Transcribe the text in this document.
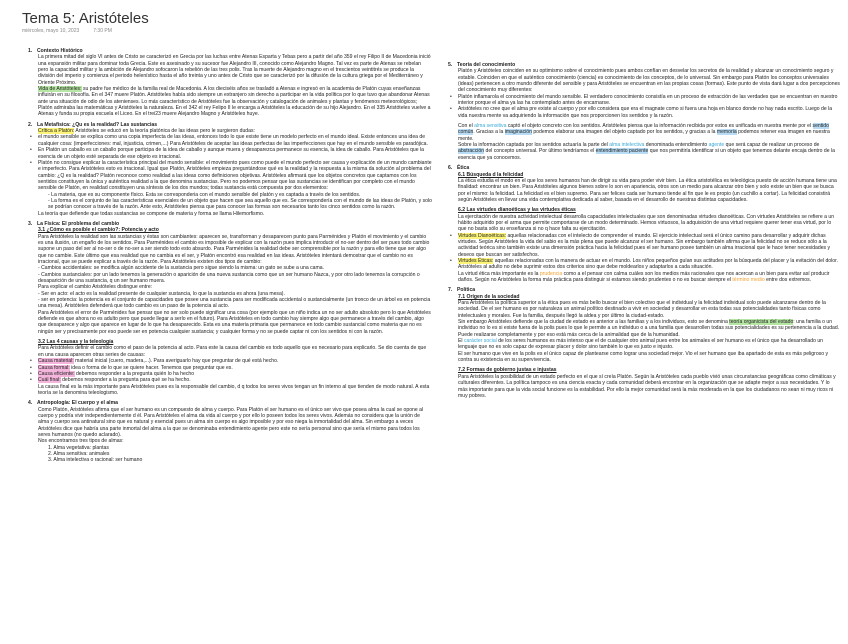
Tema 5: Aristóteles
miércoles, mayo 10, 2023	7:30 PM
1. Contexto Histórico
La primera mitad del siglo VI antes de Cristo se caracterizó en Grecia por las luchas entre Atenas Esparta y Tebas pero a partir del año 359 el rey Filipo II de Macedonia inició una expansión militar para dominar toda Grecia. Este es asesinado y su sucesor fue Alejandro III, conocido como Alejandro Magno. Tal vez es parte de Atenas se rebelan pero la capacidad militar y la ambición de Alejandro sofocaron la rebelión de las tres polis. Tras la muerte de Alejandro magno en el trescientos veintitrés se produce la división del imperio y comienza el periodo helenístico hasta el año treinta y uno antes de Cristo que se caracterizó por la difusión de la cultura griega por el Mediterráneo y Oriente Próximo.
Vida de Aristóteles: su padre fue médico de la familia real de Macedonia. A los dieciséis años se trasladó a Atenas e ingresó en la academia de Platón cuyas enseñanzas influirán en su filosofía. En el 347 muere Platón. Aristóteles había sido siempre un extranjero sin derecho a participar en la vida política por lo que tuvo que abandonar Atenas ante una situación de odio de los atenienses. Lo más característico de Aristóteles fue la observación y catalogación de animales y plantas y fenómenos meteorológicos; Platón admiraba las matemáticas y Aristóteles la naturaleza. En el 342 el rey Felipo II le encarga a Aristóteles la educación de su hijo Alejandro. En el 335 Aristóteles vuelve a Atenas y funda su propia escuela el Liceo. En el trei23 muere Alejandro Magno y Aristóteles huye.
2. La Metafísica: ¿Qu es la realidad? Las sustancias
Crítica a Platón: Aristóteles se educó en la teoría platónica de las ideas pero le surgieron dudas:
• el mundo sensible se explica como una copia imperfecta de las ideas, entonces todo lo que existe tiene un modelo perfecto en el mundo ideal. Existe entonces una idea de cualquier cosa: (imperfecciones: mal, injusticia, crimen,...) Para Aristóteles de aceptar las ideas perfectas de las imperfecciones que hay en el mundo sensible es paradójica.
• En Platón un caballo es un caballo porque participa de la idea de caballo y aunque muera y desaparezca permanece su esencia, la idea de caballo. Para Aristóteles que la esencia de un objeto esté separada de ese objeto es irracional.
• Platón no consigue explicar la característica principal del mundo sensible: el movimiento pues como puede el mundo perfecto ser causa y explicación de un mundo cambiante e imperfecto. Para Aristóteles esto es irracional. Igual que Platón, Aristóteles empieza preguntándose qué es la realidad y la respuesta a la misma da solución al problema del cambio: ¿Q es la realidad? Platón reconoce como realidad a las ideas como definiciones objetivas. Aristóteles afirmará que los objetos concretos que captamos con los sentidos constituyen la única y auténtica realidad a la que denomina sustancias. Pero no podemos pensar que las sustancias se identifican por completo con el mundo sensible de Platón, en realidad constituyen una síntesis de los dos mundos; todas sustancia está compuesta por dos elementos:
- La materia, que es su componente físico. Esta se corresponderia con el mundo sensible del platón y es captada a través de los sentidos.
- La forma es el conjunto de las características esenciales de un objeto que hacen que sea aquello que es. Se correspondería con el mundo de las ideas de Platón, y solo se podrían conocer a través de la razón. Ante esto, Aristóteles piensa que para conocer las formas son necesarios tanto los cinco sentidos como la razón.
La teoría que defiende que todas sustancias se compone de materia y forma se llama Hilemorfismo.
3. La Física: El problema del cambio
3.1 ¿Cómo es posible el cambio?: Potencia y acto
Para Aristóteles la realidad son las sustancias y éstas son cambiantes: aparecen se, transforman y desaparecen punto para Parménides y Platón el movimiento y el cambio es una ilusión, un engaño de los sentidos. Para Parménides el cambio es imposible de explicar con la razón pues implica introducir el no-ser dentro del ser pues todo cambio supone un paso del ser al no-ser o de no-ser a ser siendo todo esto absurdo. Para Parménides la realidad debe ser comprensible por la razón y para ello tiene que ser algo que no cambie. Este último que esa realidad que no cambia es el ser, y Platón encontró esa realidad en las ideas. Aristóteles intentará demostrar que el cambio no es irracional, que se puede explicar a través de la razón. Para Aristóteles existen dos tipos de cambio:
- Cambios accidentales: se modifica algún accidente de la sustancia pero sigue siendo la misma: un gato se sube a una cama.
- Cambios sustanciales: por un lado tenemos la generación o aparición de una nueva sustancia como que un ser humano Nazca, y por otro lado tenemos la corrupción o desaparición de una sustancia, q un ser humano muera.
Para explicar el cambio Aristóteles distingue entre:
- Ser en acto: el acto es la realidad presente de cualquier sustancia, lo que la sustancia es ahora (una mesa).
- ser en potencia: la potencia es el conjunto de capacidades que posee una sustancia para ser modificada accidental o sustancialmente (un tronco de un árbol es en potencia una mesa). Aristóteles defenderá que todo cambio es un paso de la potencia al acto.
Para Aristóteles el error de Parménides fue pensar que no ser solo puede significar una cosa (por ejemplo que un niño indica un no ser adulto absoluto pero lo que Aristóteles defiende es que ahora no es adulto pero que puede llegar a serlo en el futuro). Para Aristóteles en todo cambio hay siempre algo que permanece a través del cambio, algo que desaparece y algo que aparece en lugar de lo que ha desaparecido. Esta es una materia primaria que permanece en todo cambio sustancial como materia que no es ningún ser y precisamente por eso puede ser en potencia cualquier sustancia; y cualquier forma y no se puede captar ni con los sentidos ni con la razón.
3.2 Las 4 causas y la teleología
Para Aristóteles definir el cambio como el paso de la potencia al acto. Para este la causa del cambio es todo aquello que es necesario para explicarlo. Se dio cuenta de que en una causa aparecen otras series de causas:
• Causa material: material inicial (cuero, madera,...). Para averiguarlo hay que preguntar de qué está hecho.
• Causa formal: idea o forma de lo que se quiere hacer. Tenemos que preguntar que es.
• Causa eficiente: debemos responder a la pregunta quién lo ha hecho
• Cuál final: debemos responder a la pregunta para qué se ha hecho.
La causa final es la más importante para Aristóteles pues es la responsable del cambio, d q todos los seres vivos tengan un fin interno al que tienden de modo natural. A esta teoría se la denomina teleologismo.
4. Antropología: El cuerpo y el alma
Como Platón, Aristóteles afirma que el ser humano es un compuesto de alma y cuerpo. Para Platón el ser humano es el único ser vivo que posea alma la cual se opone al cuerpo y podría vivir independientemente d él. Para Aristóteles el alma da vida al cuerpo y por ello lo poseen todos los seres vivos. Además no considera que la unión de alma y cuerpo sea antinatural sino que es natural y esencial pues un alma sin cuerpo es algo imposible y por eso niega la inmortalidad del alma. Sin embargo a veces Aristóteles dice que habría una parte inmortal del alma a la que se denominaba entendimiento agente pero este no sería personal sino que sería el mismo para todos los seres humanos (no quedo aclarado).
Nos encontramos tres tipos de almas:
1. Alma vegetativa: plantas
2. Alma sensitiva: animales
3. Alma intelectiva o racional: ser humano
5. Teoría del conocimiento
Platón y Aristóteles coinciden en su optimismo sobre el conocimiento pues ambos confían en desvelar los secretos de la realidad y alcanzar un conocimiento seguro y estable. Coinciden en que el auténtico conocimiento (ciencia) es conocimiento de los conceptos, de lo universal. Sin embargo para Platón los conceptos universales (ideas) pertenecen a otro mundo diferente del sensible y para Aristóteles se encuentran en las propias cosas (formas). Este punto de vista dará lugar a dos percepciones del conocimiento muy diferentes:
• Platón inflamarola el conocimiento del mundo sensible. El verdadero conocimiento consistía en un proceso de extracción de las verdades que se encuentran en nuestro interior porque el alma ya las ha contemplado antes de encarnarse.
• Aristóteles no cree que el alma pre existe al cuerpo y por ello considera que era el magnate como si fuera una hoja en blanco donde no hay nada escrito. Luego de la vida nuestra mente va adquiriendo la información que nos proporcionen los sentidos y la razón.
Con el alma sensitiva captó el objeto concreto con los sentidos. Aristóteles piensa que la información recibida por estos es unificada en nuestra mente por el sentido común. Gracias a la imaginación podemos elaborar una imagen del objeto captado por los sentidos, y gracias a la memoria podemos retener esa imagen en nuestra mente.
Sobre la información captada por los sentidos actuaría la parte del alma intelectiva denominada entendimiento agente que será capaz de realizar un proceso de abstracción del concepto universal. Por último tendríamos el entendimiento paciente que nos permitiría identificar si un objeto que tenemos delante encaja dentro de la esencia que ya conocemos.
6. Ética
6.1 Búsqueda d la felicidad
La ética estudia el modo en el que los seres humanos han de dirigir su vida para poder vivir bien. La ética aristotélica es teleológica puesto de acción humana tiene una finalidad: encontrar un bien. Para Aristóteles algunos bienes sobre lo son en apariencia, otros son un medio para alcanzar otro bien y solo existe un bien que se busca por el mismo: la felicidad. La felicidad es el bien supremo. Para ser felices cada ser humano tiende al fin que le es propio (un cuchillo a cortar). La felicidad consistirá según Aristóteles en llevar una vida contemplativa dedicada al saber, basada en el desarrollo de nuestras distintas capacidades.
6.2 Las virtudes dianoéticas y las virtudes éticas
La ejercitación de nuestra actividad intelectual desarrolla capacidades intelectuales que son denominadas virtudes dianoéticas. Con virtudes Aristóteles se refiere a un hábito adquirido por el arma que permite comportarse de un modo determinado. Hemos virtuosos, la adquisición de una virtud requiere querer tener esa virtud, por lo que no basta sólo su enseñanza si no q hace falta su ejercitación.
• Virtudes Dianoéticas: aquellas relacionadas con el intelecto de comprender el mundo. El ejercicio intelectual será el único camino para desarrollar y adquirir dichas virtudes. Según Aristóteles la vida del sabio es la más plena que puede alcanzar el ser humano. Sin embargo también afirma que la felicidad no se reduce sólo a la actividad teórica sino también existe una dimensión práctica hacia la felicidad pues el ser humano posee también un alma irracional que le hace tener necesidades y deseos que buscan ser satisfechos.
• Virtudes Éticas: aquellas relacionadas con la manera de actuar en el mundo. Los niños pequeños guían sus actitudes por la búsqueda del placer y la evitación del dolor. Aristóteles al adulto no debe suprimir estos dos criterios sino que debe moldearlos y adaptarlos a cada situación.
La virtud ética más importante es la prudencia como a el pensar con calma cuáles son los medios más racionales que nos acercan a un bien para evitar así producir daños. Según no Aristóteles la forma más práctica para distinguir si estamos siendo prudentes o no es buscar siempre el término medio entre dos extremos.
7. Política
7.1 Origen de la sociedad
Para Aristóteles la política superior a la ética pues es más bello buscar el bien colectivo que el individual y la felicidad individual solo puede alcanzarse dentro de la sociedad. De el ser humano es por naturaleza un animal político destinado a vivir en sociedad y desarrollar en esta todas sus potencialidades tanto físicas como intelectuales y morales. Fue la familia, después llegó la aldea y por último la ciudad-estado.
Sin embargo Aristóteles defiende que la ciudad de estado es anterior a las familias y a los individuos, esto se denomina teoría organicista del estado: una familia o un individuo no lo es si existe fuera de la polis pues lo que le permite a un individuo o a una familia que desarrollen todas sus potencialidades es su pertenencia a la ciudad. Puede realizarse completamente y por eso está más cerca de la animalidad que de la humanidad.
El carácter social de los seres humanos es más intenso que el de cualquier otro animal pues entre los animales el ser humano es el único que ha desarrollado un lenguaje que no es solo capaz de expresar placer y dolor sino también lo que es justo e injusto.
El ser humano que vive en la polis es el único capaz de plantearse como lograr una sociedad mejor. Vio el ser humano que iba apartado de esta es más peligroso y contra su existencia en su supervivencia.
7.2 Formas de gobierno justas e injustas
Para Aristóteles la posibilidad de un estado perfecto en el que sí creía Platón. Según la Aristóteles cada pueblo vivió unas circunstancias geográficas como climáticas y culturales diferentes. La política tampoco es una ciencia exacta y cada comunidad deberá encontrar en la organización que se adapte mejor a sus necesidades. Y lo más importante para que la vida social funcione es la estabilidad. Por ello la mejor comunidad será la más moderada en la que los ciudadanos no sean ni muy ricos ni muy pobres.
